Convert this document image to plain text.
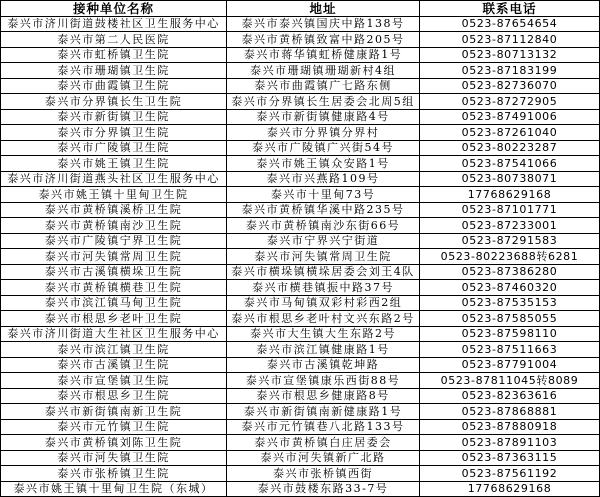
接种单位名称	地址	联系电话
泰兴市济川街道鼓楼社区卫生服务中心	泰兴市泰兴镇国庆中路138号	0523-87654654
泰兴市第二人民医院	泰兴市黄桥镇致富中路205号	0523-87112840
泰兴市虹桥镇卫生院	泰兴市蒋华镇虹桥健康路1号	0523-80713132
泰兴市珊瑚镇卫生院	泰兴市珊瑚镇珊瑚新村4组	0523-87183199
泰兴市曲霞镇卫生院	泰兴市曲霞镇广七路东侧	0523-82736070
泰兴市分界镇长生卫生院	泰兴市分界镇长生居委会北周5组	0523-87272905
泰兴市新街镇卫生院	泰兴市新街镇健康路4号	0523-87491006
泰兴市分界镇卫生院	泰兴市分界镇分界村	0523-87261040
泰兴市广陵镇卫生院	泰兴市广陵镇广兴街54号	0523-80223287
泰兴市姚王镇卫生院	泰兴市姚王镇众安路1号	0523-87541066
泰兴市济川街道燕头社区卫生服务中心	泰兴市兴燕路109号	0523-80738071
泰兴市姚王镇十里甸卫生院	泰兴市十里甸73号	17768629168
泰兴市黄桥镇溪桥卫生院	泰兴市黄桥镇华溪中路235号	0523-87101771
泰兴市黄桥镇南沙卫生院	泰兴市黄桥镇南沙东街66号	0523-87233001
泰兴市广陵镇宁界卫生院	泰兴市宁界兴宁街道	0523-87291583
泰兴市河失镇常周卫生院	泰兴市河失镇常周卫生院	0523-80223688转6281
泰兴市古溪镇横垛卫生院	泰兴市横垛镇横垛居委会刘王4队	0523-87386280
泰兴市黄桥镇横巷卫生院	泰兴市横巷镇振中路37号	0523-87460320
泰兴市滨江镇马甸卫生院	泰兴市马甸镇双彩村彩西2组	0523-87535153
泰兴市根思乡老叶卫生院	泰兴市根思乡老叶村文兴东路2号	0523-87585055
泰兴市济川街道大生社区卫生服务中心	泰兴市大生镇大生东路2号	0523-87598110
泰兴市滨江镇卫生院	泰兴市滨江镇健康路1号	0523-87511663
泰兴市古溪镇卫生院	泰兴市古溪镇乾坤路	0523-87791004
泰兴市宣堡镇卫生院	泰兴市宣堡镇康乐西街88号	0523-87811045转8089
泰兴市根思乡卫生院	泰兴市根思乡健康路8号	0523-82363616
泰兴市新街镇南新卫生院	泰兴市新街镇南新健康路1号	0523-87868881
泰兴市元竹镇卫生院	泰兴市元竹镇巷八北路133号	0523-87880918
泰兴市黄桥镇刘陈卫生院	泰兴市黄桥镇白庄居委会	0523-87891103
泰兴市河失镇卫生院	泰兴市河失镇新广北路	0523-87363115
泰兴市张桥镇卫生院	泰兴市张桥镇西街	0523-87561192
泰兴市姚王镇十里甸卫生院（东城）	泰兴市鼓楼东路33-7号	17768629168
